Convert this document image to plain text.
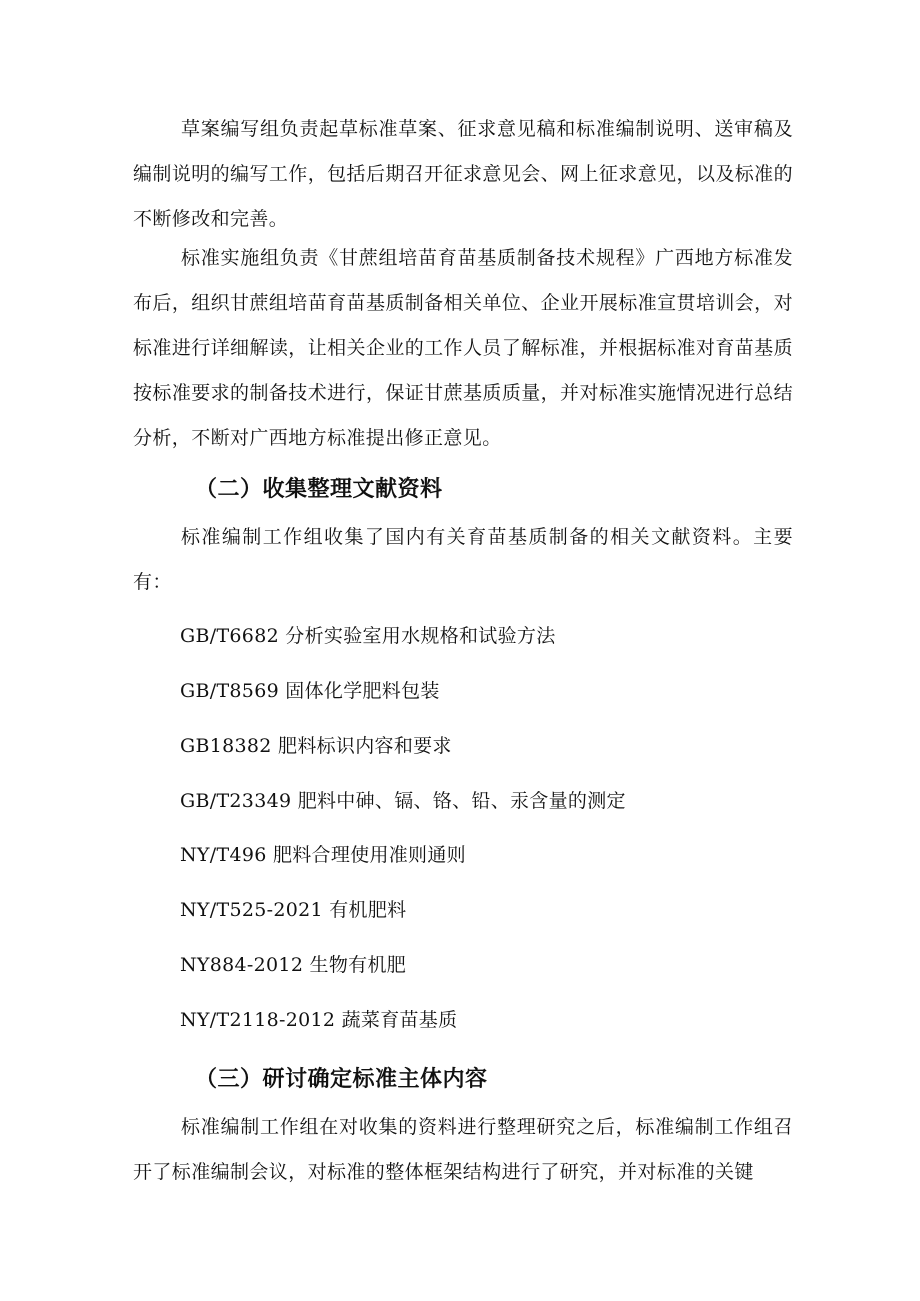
草案编写组负责起草标准草案、征求意见稿和标准编制说明、送审稿及编制说明的编写工作，包括后期召开征求意见会、网上征求意见，以及标准的不断修改和完善。

标准实施组负责《甘蔗组培苗育苗基质制备技术规程》广西地方标准发布后，组织甘蔗组培苗育苗基质制备相关单位、企业开展标准宣贯培训会，对标准进行详细解读，让相关企业的工作人员了解标准，并根据标准对育苗基质按标准要求的制备技术进行，保证甘蔗基质质量，并对标准实施情况进行总结分析，不断对广西地方标准提出修正意见。

（二）收集整理文献资料

标准编制工作组收集了国内有关育苗基质制备的相关文献资料。主要有：

GB/T6682 分析实验室用水规格和试验方法

GB/T8569 固体化学肥料包装

GB18382 肥料标识内容和要求

GB/T23349 肥料中砷、镉、铬、铅、汞含量的测定

NY/T496 肥料合理使用准则通则

NY/T525-2021 有机肥料

NY884-2012 生物有机肥

NY/T2118-2012 蔬菜育苗基质

（三）研讨确定标准主体内容

标准编制工作组在对收集的资料进行整理研究之后，标准编制工作组召开了标准编制会议，对标准的整体框架结构进行了研究，并对标准的关键
